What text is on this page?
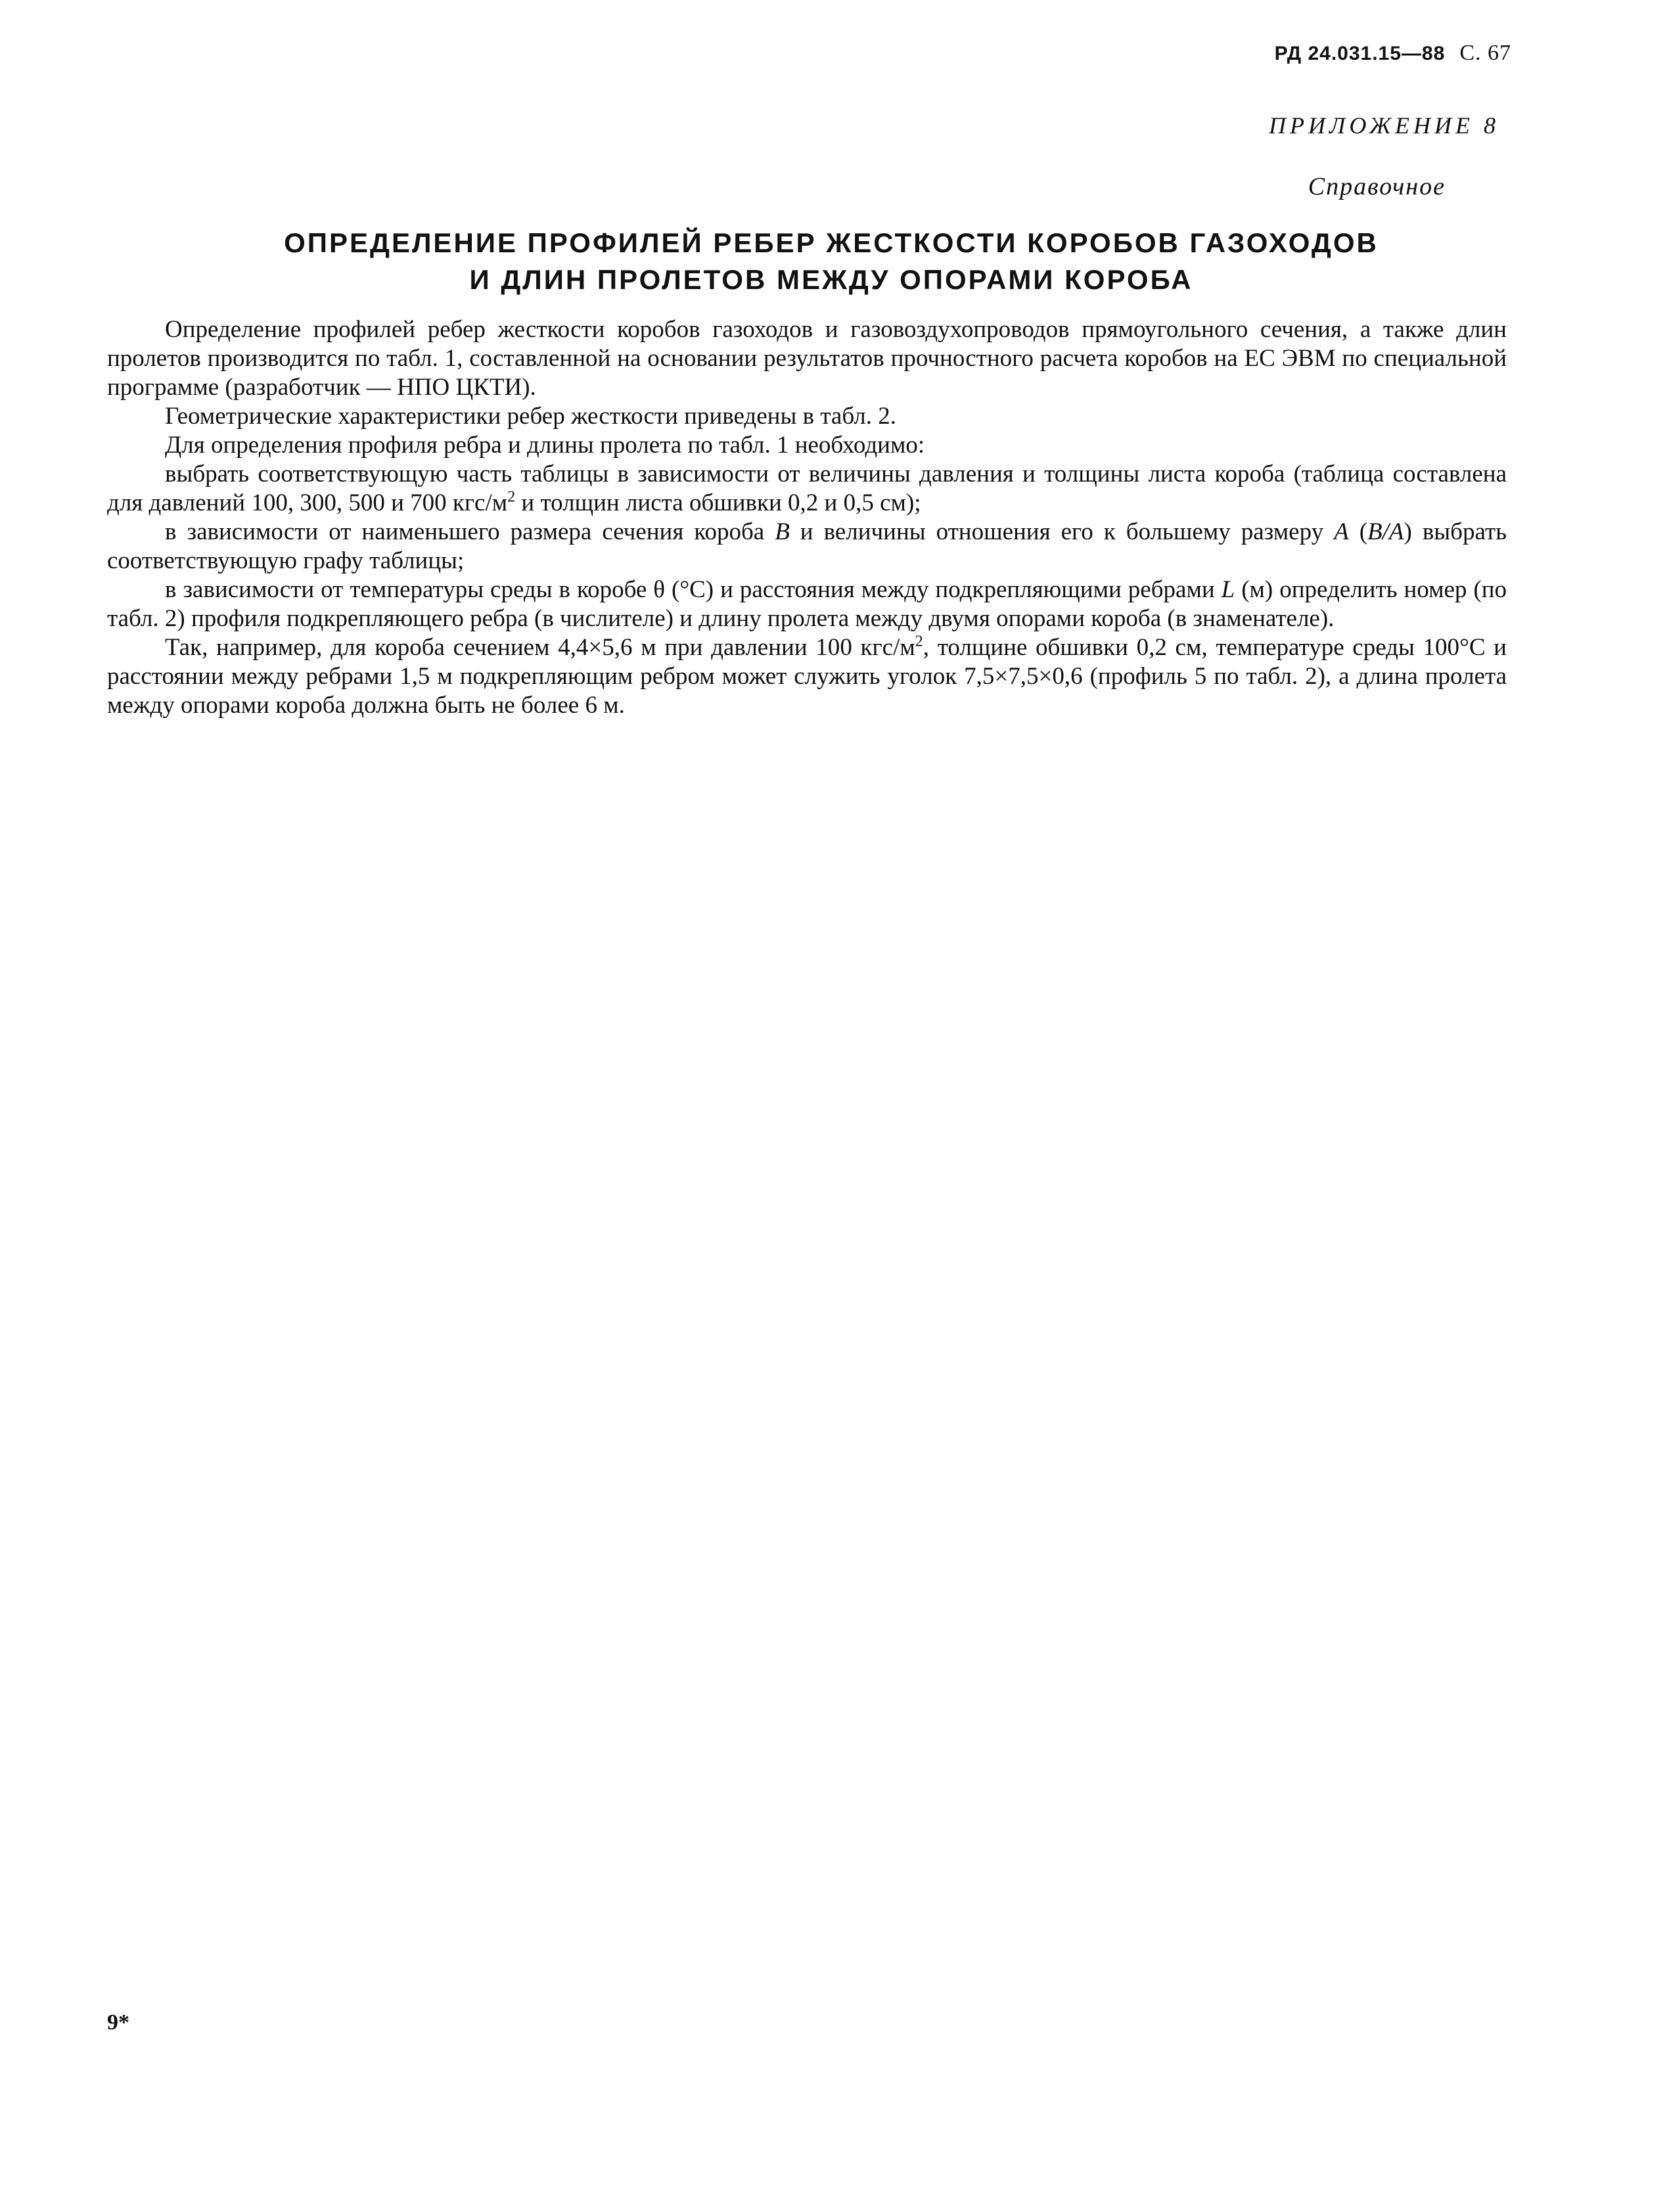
РД 24.031.15—88 С. 67
ПРИЛОЖЕНИЕ 8
Справочное
ОПРЕДЕЛЕНИЕ ПРОФИЛЕЙ РЕБЕР ЖЕСТКОСТИ КОРОБОВ ГАЗОХОДОВ
И ДЛИН ПРОЛЕТОВ МЕЖДУ ОПОРАМИ КОРОБА

Определение профилей ребер жесткости коробов газоходов и газовоздухопроводов прямоугольного сечения, а также длин пролетов производится по табл. 1, составленной на основании результатов прочностного расчета коробов на ЕС ЭВМ по специальной программе (разработчик — НПО ЦКТИ).

Геометрические характеристики ребер жесткости приведены в табл. 2.

Для определения профиля ребра и длины пролета по табл. 1 необходимо:

выбрать соответствующую часть таблицы в зависимости от величины давления и толщины листа короба (таблица составлена для давлений 100, 300, 500 и 700 кгс/$м^2$ и толщин листа обшивки 0,2 и 0,5 см);

в зависимости от наименьшего размера сечения короба В и величины отношения его к большему размеру А (В/А) выбрать соответствующую графу таблицы;

в зависимости от температуры среды в коробе θ (°С) и расстояния между подкрепляющими ребрами L (м) определить номер (по табл. 2) профиля подкрепляющего ребра (в числителе) и длину пролета между двумя опорами короба (в знаменателе).

Так, например, для короба сечением 4,4×5,6 м при давлении 100 кгс/$м^2$, толщине обшивки 0,2 см, температуре среды 100°С и расстоянии между ребрами 1,5 м подкрепляющим ребром может служить уголок 7,5×7,5×0,6 (профиль 5 по табл. 2), а длина пролета между опорами короба должна быть не более 6 м.

9*
